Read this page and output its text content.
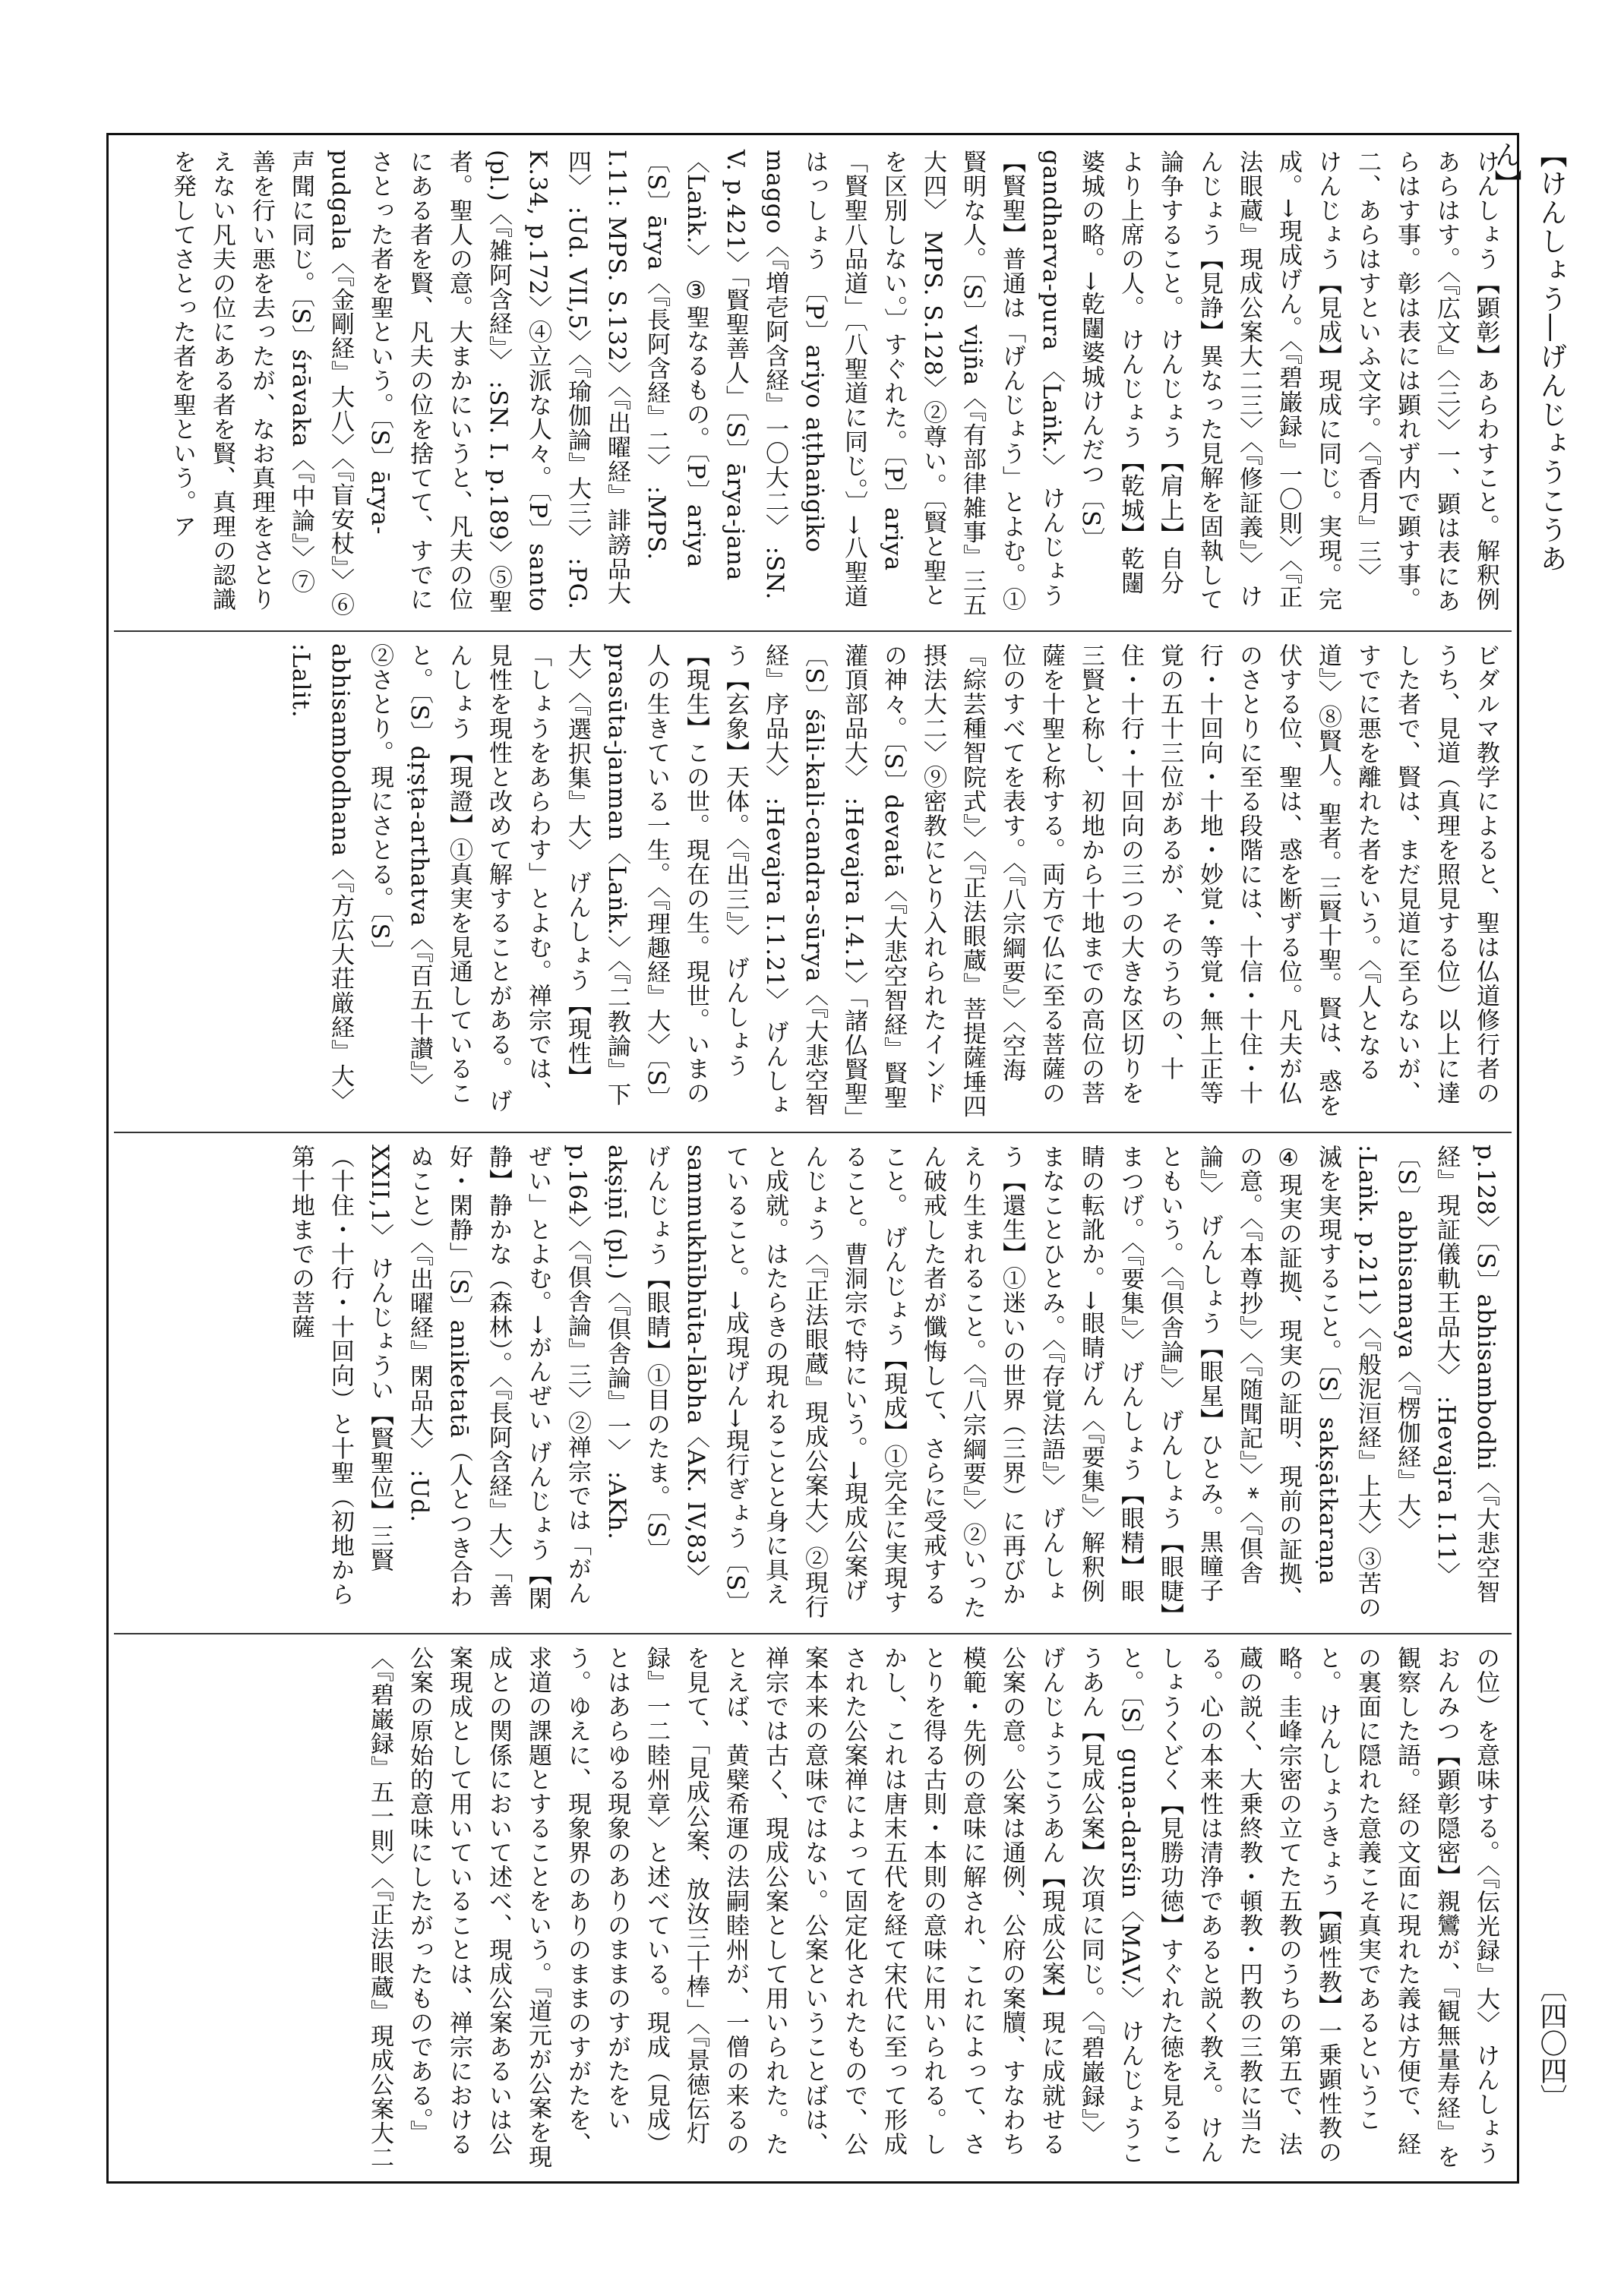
【けんしょう―げんじょうこうあん】

けんしょう【顕彰】あらわすこと。解釈例 あらはす。〈『広文』〈三〉〉一、顕は表にあらはす事。彰は表には顕れず内で顕す事。二、あらはすといふ文字。〈『香月』三〉 けんじょう【見成】現成に同じ。実現。完成。→現成げん。〈『碧巌録』一〇則〉〈『正法眼蔵』現成公案大二三〉〈『修証義』〉 けんじょう【見諍】異なった見解を固執して論争すること。 けんじょう【肩上】自分より上席の人。 けんじょう【乾城】乾闥婆城の略。→乾闥婆城けんだつ〔S〕gandharva-pura 〈Laṅk.〉 けんじょう【賢聖】普通は「げんじょう」とよむ。①賢明な人。〔S〕vijña〈『有部律雑事』三五大四〉 MPS. S.128〉②尊い。〔賢と聖とを区別しない。〕すぐれた。〔P〕ariya「賢聖八品道」〔八聖道に同じ。〕→八聖道はっしょう 〔P〕ariyo aṭṭhaṅgiko maggo〈『増壱阿含経』一〇大二〉 :SN. V. p.421〉「賢聖善人」〔S〕ārya-jana〈Laṅk.〉 ③聖なるもの。〔P〕ariya〔S〕ārya〈『長阿含経』二〉 :MPS. I.11: MPS. S.132〉〈『出曜経』誹謗品大四〉 :Ud. VII,5〉〈『瑜伽論』大三〉 :PG. K.34, p.172〉④立派な人々。〔P〕santo (pl.)〈『雑阿含経』〉 :SN. I. p.189〉⑤聖者。聖人の意。大まかにいうと、凡夫の位にある者を賢、凡夫の位を捨てて、すでにさとった者を聖という。〔S〕ārya-pudgala〈『金剛経』大八〉〈『盲安杖』〉⑥声聞に同じ。〔S〕śrāvaka〈『中論』〉⑦善を行い悪を去ったが、なお真理をさとりえない凡夫の位にある者を賢、真理の認識を発してさとった者を聖という。ア

ビダルマ教学によると、聖は仏道修行者のうち、見道（真理を照見する位）以上に達した者で、賢は、まだ見道に至らないが、すでに悪を離れた者をいう。〈『人となる道』〉⑧賢人。聖者。三賢十聖。賢は、惑を伏する位、聖は、惑を断ずる位。凡夫が仏のさとりに至る段階には、十信・十住・十行・十回向・十地・妙覚・等覚・無上正等覚の五十三位があるが、そのうちの、十住・十行・十回向の三つの大きな区切りを三賢と称し、初地から十地までの高位の菩薩を十聖と称する。両方で仏に至る菩薩の位のすべてを表す。〈『八宗綱要』〉〈空海『綜芸種智院式』〉〈『正法眼蔵』菩提薩埵四摂法大二〉⑨密教にとり入れられたインドの神々。〔S〕devatā〈『大悲空智経』賢聖灌頂部品大〉 :Hevajra I.4.1〉「諸仏賢聖」〔S〕śāli-kali-candra-sūrya〈『大悲空智経』序品大〉 :Hevajra I.1.21〉 げんしょう【玄象】天体。〈『出三』〉 げんしょう【現生】この世。現在の生。現世。いまの人の生きている一生。〈『理趣経』大〉〔S〕prasūta-janman〈Laṅk.〉〈『二教論』下大〉〈『選択集』大〉 げんしょう【現性】「しょうをあらわす」とよむ。禅宗では、見性を現性と改めて解することがある。 げんしょう【現證】①真実を見通していること。〔S〕dṛṣṭa-arthatva〈『百五十讃』〉②さとり。現にさとる。〔S〕abhisambodhana〈『方広大荘厳経』大〉 :Lalit.

p.128〉〔S〕abhisambodhi〈『大悲空智経』現証儀軌王品大〉 :Hevajra I.11〉〔S〕abhisamaya〈『楞伽経』大〉 :Laṅk. p.211〉〈『般泥洹経』上大〉③苦の滅を実現すること。〔S〕sakṣātkaraṇa ④現実の証拠、現実の証明、現前の証拠、の意。〈『本尊抄』〉〈『随聞記』〉*〈『倶舎論』〉 げんしょう【眼星】ひとみ。黒瞳子ともいう。〈『倶舎論』〉 げんしょう【眼睫】まつげ。〈『要集』〉 げんしょう【眼精】眼睛の転訛か。→眼睛げん〈『要集』〉解釈例 まなことひとみ。〈『存覚法語』〉 げんしょう【還生】①迷いの世界（三界）に再びかえり生まれること。〈『八宗綱要』〉②いったん破戒した者が懺悔して、さらに受戒すること。 げんじょう【現成】①完全に実現すること。曹洞宗で特にいう。→現成公案げんじょう〈『正法眼蔵』現成公案大〉②現行と成就。はたらきの現れることと身に具えていること。→成現げん→現行ぎょう〔S〕sammukhībhūta-lābha〈AK. IV,83〉 げんじょう【眼睛】①目のたま。〔S〕akṣiṇī (pl.)〈『倶舎論』一〉 :AKh. p.164〉〈『倶舎論』三〉②禅宗では「がんぜい」とよむ。→がんぜい げんじょう【閑静】静かな（森林）。〈『長阿含経』大〉「善好・閑静」〔S〕aniketatā（人とつき合わぬこと）〈『出曜経』閑品大〉 :Ud. XXII,1〉 けんじょうい【賢聖位】三賢（十住・十行・十回向）と十聖（初地から第十地までの菩薩

の位）を意味する。〈『伝光録』大〉 けんしょうおんみつ【顕彰隠密】親鸞が、『観無量寿経』を観察した語。経の文面に現れた義は方便で、経の裏面に隠れた意義こそ真実であるということ。 けんしょうきょう【顕性教】一乗顕性教の略。圭峰宗密の立てた五教のうちの第五で、法蔵の説く、大乗終教・頓教・円教の三教に当たる。心の本来性は清浄であると説く教え。 けんしょうくどく【見勝功徳】すぐれた徳を見ること。〔S〕guṇa-darśin〈MAV.〉 けんじょうこうあん【見成公案】次項に同じ。〈『碧巌録』〉 げんじょうこうあん【現成公案】現に成就せる公案の意。公案は通例、公府の案牘、すなわち模範・先例の意味に解され、これによって、さとりを得る古則・本則の意味に用いられる。しかし、これは唐末五代を経て宋代に至って形成された公案禅によって固定化されたもので、公案本来の意味ではない。公案ということばは、禅宗では古く、現成公案として用いられた。たとえば、黄檗希運の法嗣睦州が、一僧の来るのを見て、「見成公案、放汝三十棒」〈『景徳伝灯録』一二睦州章〉と述べている。現成（見成）とはあらゆる現象のありのままのすがたをいう。ゆえに、現象界のありのままのすがたを、求道の課題とすることをいう。『道元が公案を現成との関係において述べ、現成公案あるいは公案現成として用いていることは、禅宗における公案の原始的意味にしたがったものである。』〈『碧巌録』五一則〉〈『正法眼蔵』現成公案大二	〔四〇四〕
